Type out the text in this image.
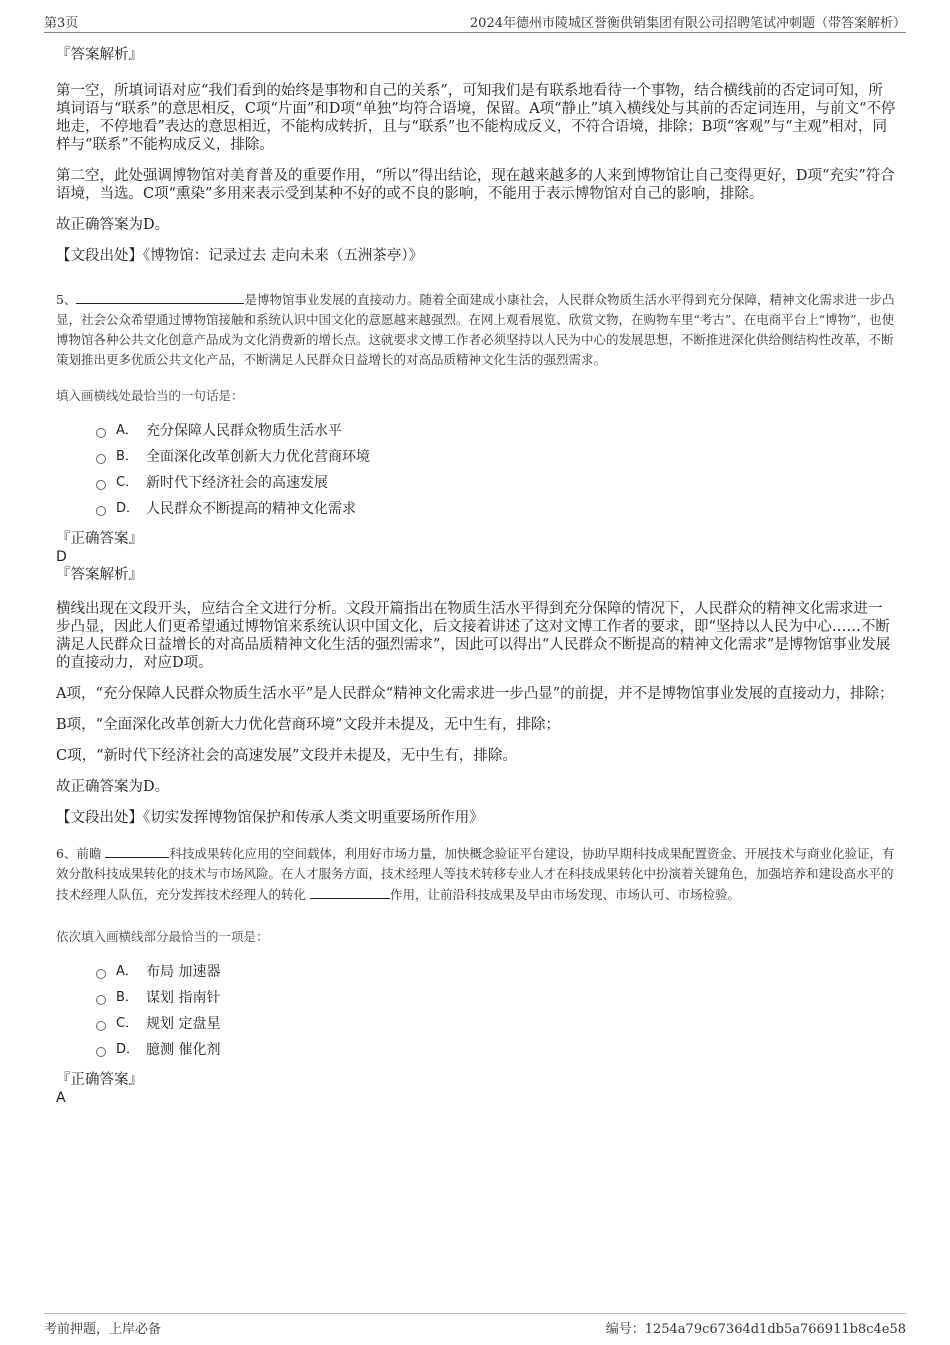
第3页	2024年德州市陵城区誉衡供销集团有限公司招聘笔试冲刺题（带答案解析）

『答案解析』

第一空，所填词语对应“我们看到的始终是事物和自己的关系”，可知我们是有联系地看待一个事物，结合横线前的否定词可知，所填词语与“联系”的意思相反，C项“片面”和D项“单独”均符合语境，保留。A项“静止”填入横线处与其前的否定词连用，与前文“不停地走，不停地看”表达的意思相近，不能构成转折，且与“联系”也不能构成反义，不符合语境，排除；B项“客观”与“主观”相对，同样与“联系”不能构成反义，排除。

第二空，此处强调博物馆对美育普及的重要作用，“所以”得出结论，现在越来越多的人来到博物馆让自己变得更好，D项“充实”符合语境，当选。C项“熏染”多用来表示受到某种不好的或不良的影响，不能用于表示博物馆对自己的影响，排除。

故正确答案为D。

【文段出处】《博物馆：记录过去 走向未来（五洲茶亭）》

5、	是博物馆事业发展的直接动力。随着全面建成小康社会，人民群众物质生活水平得到充分保障，精神文化需求进一步凸显，社会公众希望通过博物馆接触和系统认识中国文化的意愿越来越强烈。在网上观看展览、欣赏文物，在购物车里“考古”、在电商平台上“博物”，也使博物馆各种公共文化创意产品成为文化消费新的增长点。这就要求文博工作者必须坚持以人民为中心的发展思想，不断推进深化供给侧结构性改革，不断策划推出更多优质公共文化产品，不断满足人民群众日益增长的对高品质精神文化生活的强烈需求。

填入画横线处最恰当的一句话是：

A． 充分保障人民群众物质生活水平
B． 全面深化改革创新大力优化营商环境
C． 新时代下经济社会的高速发展
D． 人民群众不断提高的精神文化需求

『正确答案』

D

『答案解析』

横线出现在文段开头，应结合全文进行分析。文段开篇指出在物质生活水平得到充分保障的情况下，人民群众的精神文化需求进一步凸显，因此人们更希望通过博物馆来系统认识中国文化，后文接着讲述了这对文博工作者的要求，即“坚持以人民为中心……不断满足人民群众日益增长的对高品质精神文化生活的强烈需求”，因此可以得出“人民群众不断提高的精神文化需求”是博物馆事业发展的直接动力，对应D项。

A项，“充分保障人民群众物质生活水平”是人民群众“精神文化需求进一步凸显”的前提，并不是博物馆事业发展的直接动力，排除；

B项，“全面深化改革创新大力优化营商环境”文段并未提及，无中生有，排除；

C项，“新时代下经济社会的高速发展”文段并未提及，无中生有，排除。

故正确答案为D。

【文段出处】《切实发挥博物馆保护和传承人类文明重要场所作用》

6、前瞻	科技成果转化应用的空间载体，利用好市场力量，加快概念验证平台建设，协助早期科技成果配置资金、开展技术与商业化验证，有效分散科技成果转化的技术与市场风险。在人才服务方面，技术经理人等技术转移专业人才在科技成果转化中扮演着关键角色，加强培养和建设高水平的技术经理人队伍，充分发挥技术经理人的转化	作用，让前沿科技成果及早由市场发现、市场认可、市场检验。

依次填入画横线部分最恰当的一项是：

A． 布局 加速器
B． 谋划 指南针
C． 规划 定盘星
D． 臆测 催化剂

『正确答案』

A

考前押题，上岸必备	编号：1254a79c67364d1db5a766911b8c4e58
